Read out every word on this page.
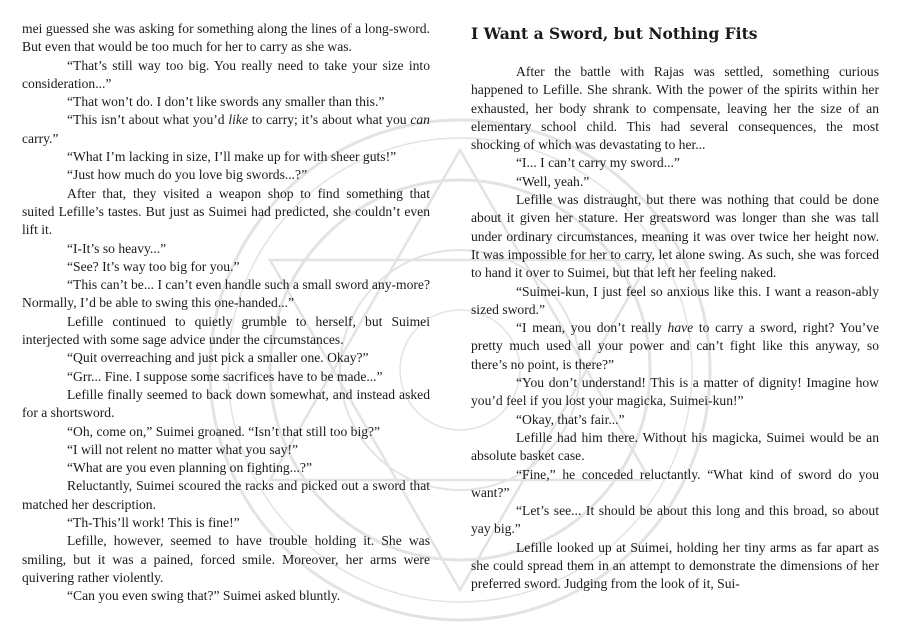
mei guessed she was asking for something along the lines of a long-sword. But even that would be too much for her to carry as she was.

“That’s still way too big. You really need to take your size into consideration...”

“That won’t do. I don’t like swords any smaller than this.”

“This isn’t about what you’d like to carry; it’s about what you can carry.”

“What I’m lacking in size, I’ll make up for with sheer guts!”

“Just how much do you love big swords...?”

After that, they visited a weapon shop to find something that suited Lefille’s tastes. But just as Suimei had predicted, she couldn’t even lift it.

“I-It’s so heavy...”

“See? It’s way too big for you.”

“This can’t be... I can’t even handle such a small sword any-more? Normally, I’d be able to swing this one-handed...”

Lefille continued to quietly grumble to herself, but Suimei interjected with some sage advice under the circumstances.

“Quit overreaching and just pick a smaller one. Okay?”

“Grr... Fine. I suppose some sacrifices have to be made...”

Lefille finally seemed to back down somewhat, and instead asked for a shortsword.

“Oh, come on,” Suimei groaned. “Isn’t that still too big?”

“I will not relent no matter what you say!”

“What are you even planning on fighting...?”

Reluctantly, Suimei scoured the racks and picked out a sword that matched her description.

“Th-This’ll work! This is fine!”

Lefille, however, seemed to have trouble holding it. She was smiling, but it was a pained, forced smile. Moreover, her arms were quivering rather violently.

“Can you even swing that?” Suimei asked bluntly.

I Want a Sword, but Nothing Fits

After the battle with Rajas was settled, something curious happened to Lefille. She shrank. With the power of the spirits within her exhausted, her body shrank to compensate, leaving her the size of an elementary school child. This had several consequences, the most shocking of which was devastating to her...

“I... I can’t carry my sword...”

“Well, yeah.”

Lefille was distraught, but there was nothing that could be done about it given her stature. Her greatsword was longer than she was tall under ordinary circumstances, meaning it was over twice her height now. It was impossible for her to carry, let alone swing. As such, she was forced to hand it over to Suimei, but that left her feeling naked.

“Suimei-kun, I just feel so anxious like this. I want a reason-ably sized sword.”

“I mean, you don’t really have to carry a sword, right? You’ve pretty much used all your power and can’t fight like this anyway, so there’s no point, is there?”

“You don’t understand! This is a matter of dignity! Imagine how you’d feel if you lost your magicka, Suimei-kun!”

“Okay, that’s fair...”

Lefille had him there. Without his magicka, Suimei would be an absolute basket case.

“Fine,” he conceded reluctantly. “What kind of sword do you want?”

“Let’s see... It should be about this long and this broad, so about yay big.”

Lefille looked up at Suimei, holding her tiny arms as far apart as she could spread them in an attempt to demonstrate the dimensions of her preferred sword. Judging from the look of it, Sui-
